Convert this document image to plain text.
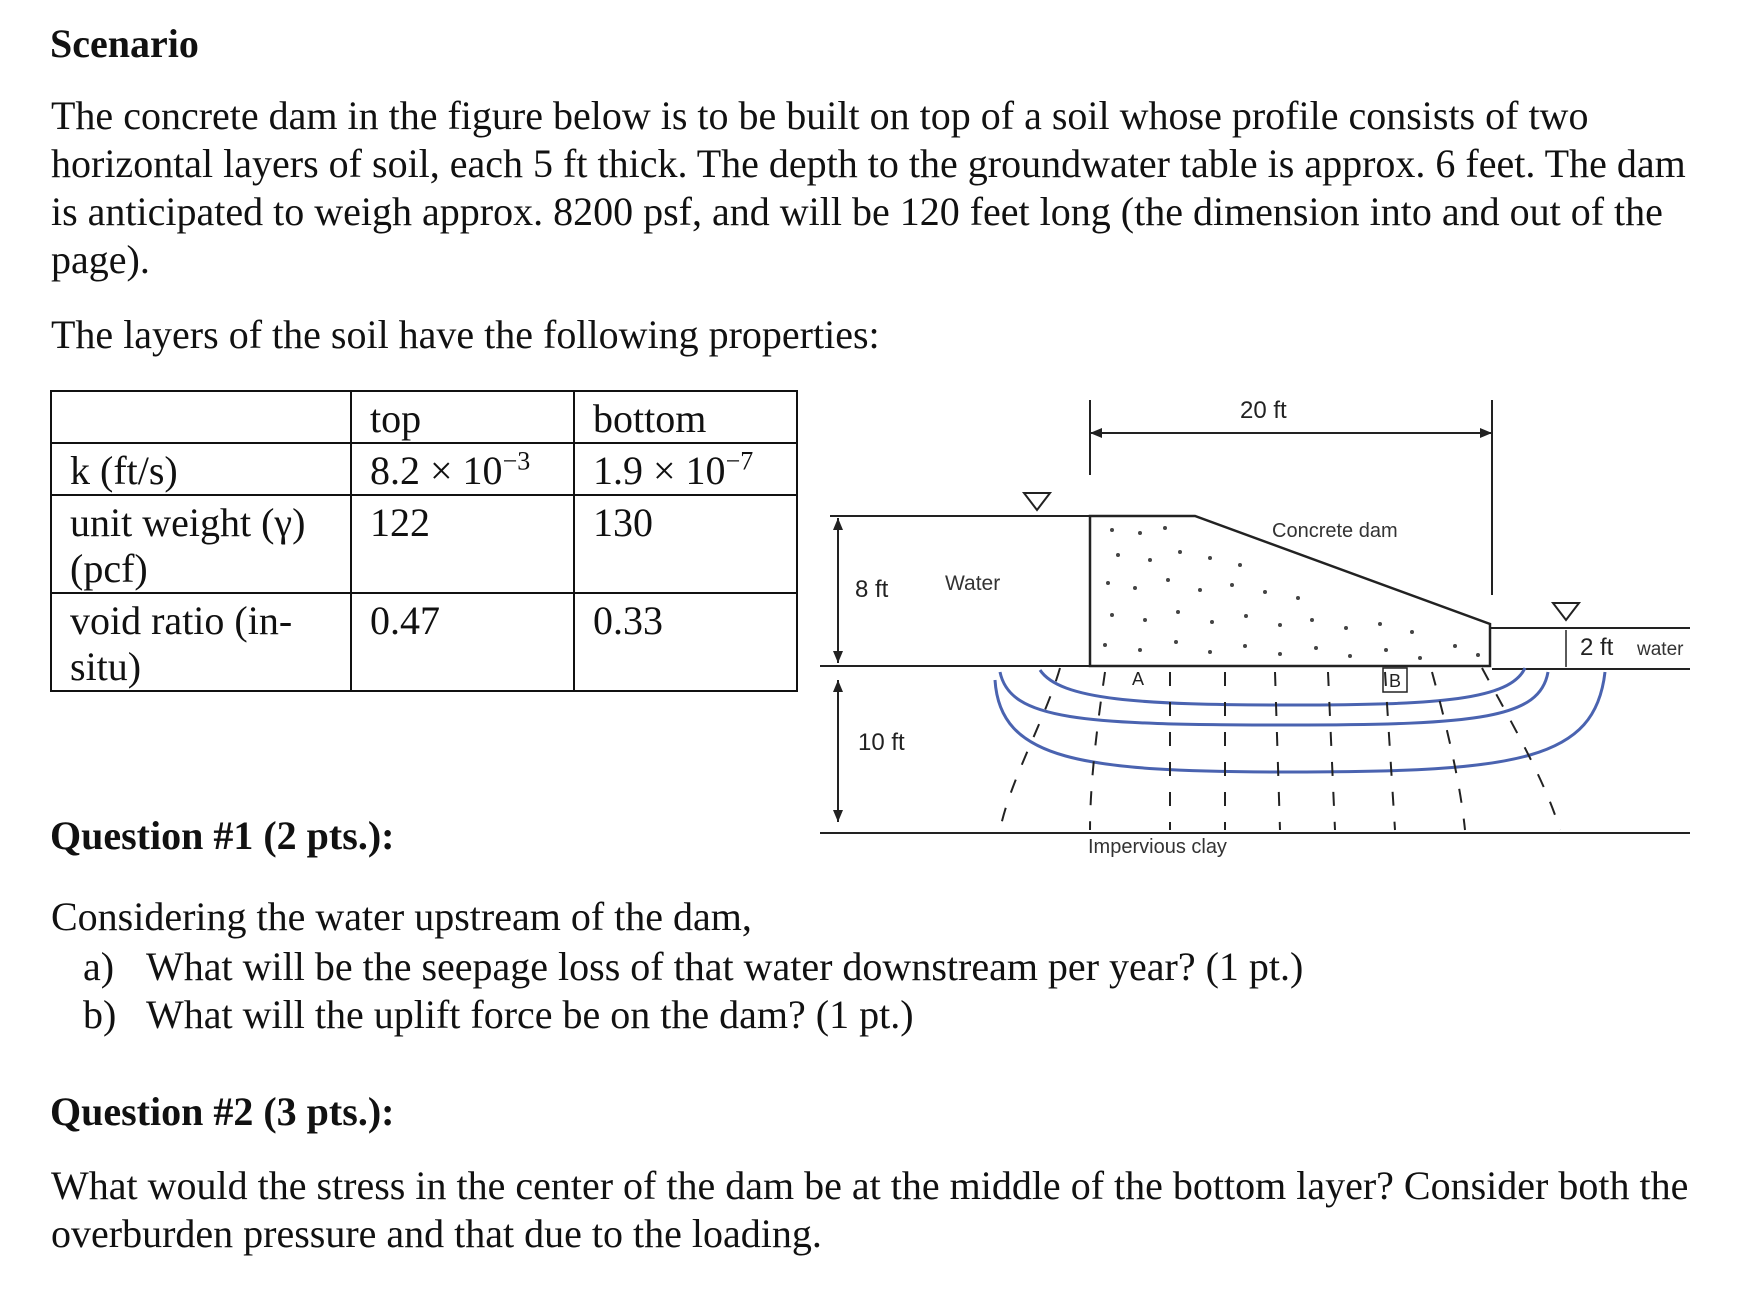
Scenario
The concrete dam in the figure below is to be built on top of a soil whose profile consists of two horizontal layers of soil, each 5 ft thick. The depth to the groundwater table is approx. 6 feet. The dam is anticipated to weigh approx. 8200 psf, and will be 120 feet long (the dimension into and out of the page).
The layers of the soil have the following properties:
	top	bottom
k (ft/s)	$8.2 \times 10^{-3}$	$1.9 \times 10^{-7}$
unit weight (γ) (pcf)	122	130
void ratio (in-situ)	0.47	0.33
20 ft
8 ft	Water
10 ft
Impervious clay
Concrete dam
2 ft water
A	B
Question #1 (2 pts.):
Considering the water upstream of the dam,
a) What will be the seepage loss of that water downstream per year? (1 pt.)
b) What will the uplift force be on the dam? (1 pt.)
Question #2 (3 pts.):
What would the stress in the center of the dam be at the middle of the bottom layer? Consider both the overburden pressure and that due to the loading.
